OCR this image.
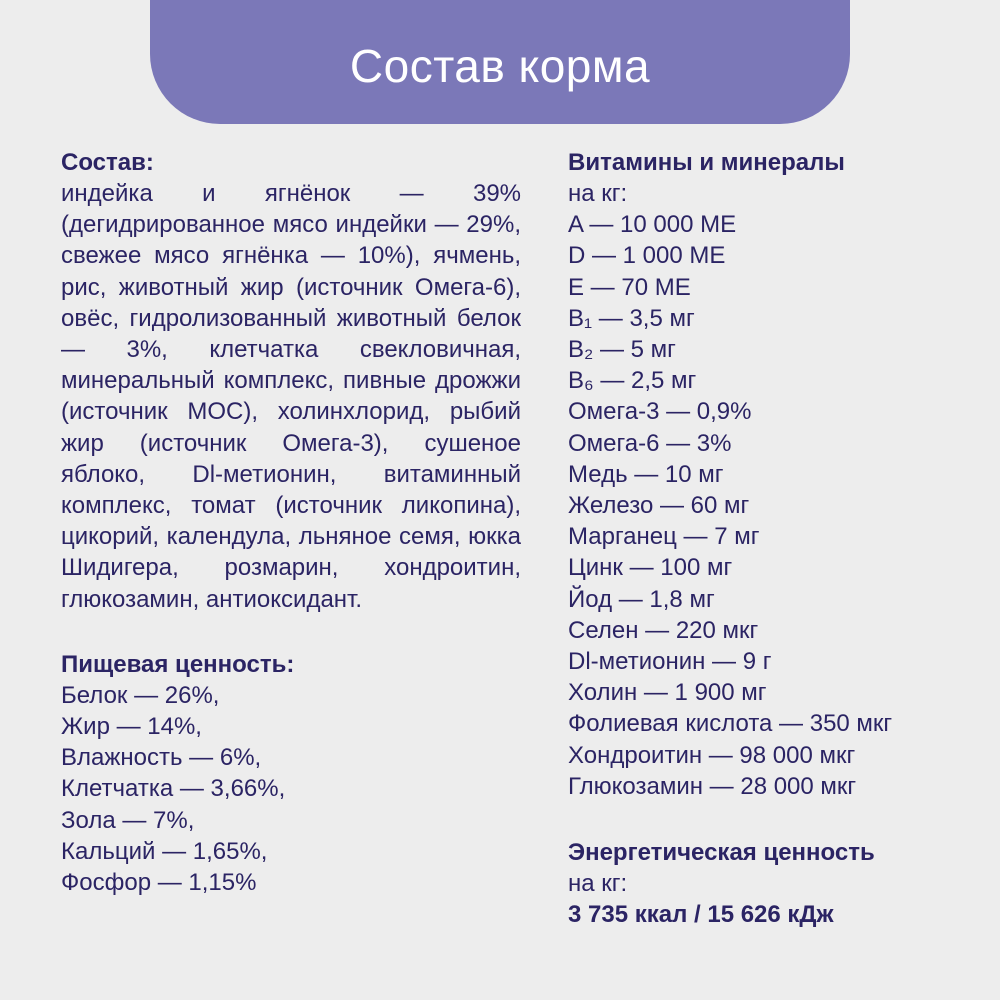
Состав корма
Состав:
индейка и ягнёнок — 39% (дегидрированное мясо индейки — 29%, свежее мясо ягнёнка — 10%), ячмень, рис, животный жир (источник Омега-6), овёс, гидролизованный животный белок — 3%, клетчатка свекловичная, минеральный комплекс, пивные дрожжи (источник МОС), холинхлорид, рыбий жир (источник Омега-3), сушеное яблоко, Dl-метионин, витаминный комплекс, томат (источник ликопина), цикорий, календула, льняное семя, юкка Шидигера, розмарин, хондроитин, глюкозамин, антиоксидант.
Пищевая ценность:
Белок — 26%,
Жир — 14%,
Влажность — 6%,
Клетчатка — 3,66%,
Зола — 7%,
Кальций — 1,65%,
Фосфор — 1,15%
Витамины и минералы
на кг:
A — 10 000 МЕ
D — 1 000 МЕ
E — 70 МЕ
B₁ — 3,5 мг
B₂ — 5 мг
B₆ — 2,5 мг
Омега-3 — 0,9%
Омега-6 — 3%
Медь — 10 мг
Железо — 60 мг
Марганец — 7 мг
Цинк — 100 мг
Йод — 1,8 мг
Селен — 220 мкг
Dl-метионин — 9 г
Холин — 1 900 мг
Фолиевая кислота — 350 мкг
Хондроитин — 98 000 мкг
Глюкозамин — 28 000 мкг
Энергетическая ценность
на кг:
3 735 ккал / 15 626 кДж
